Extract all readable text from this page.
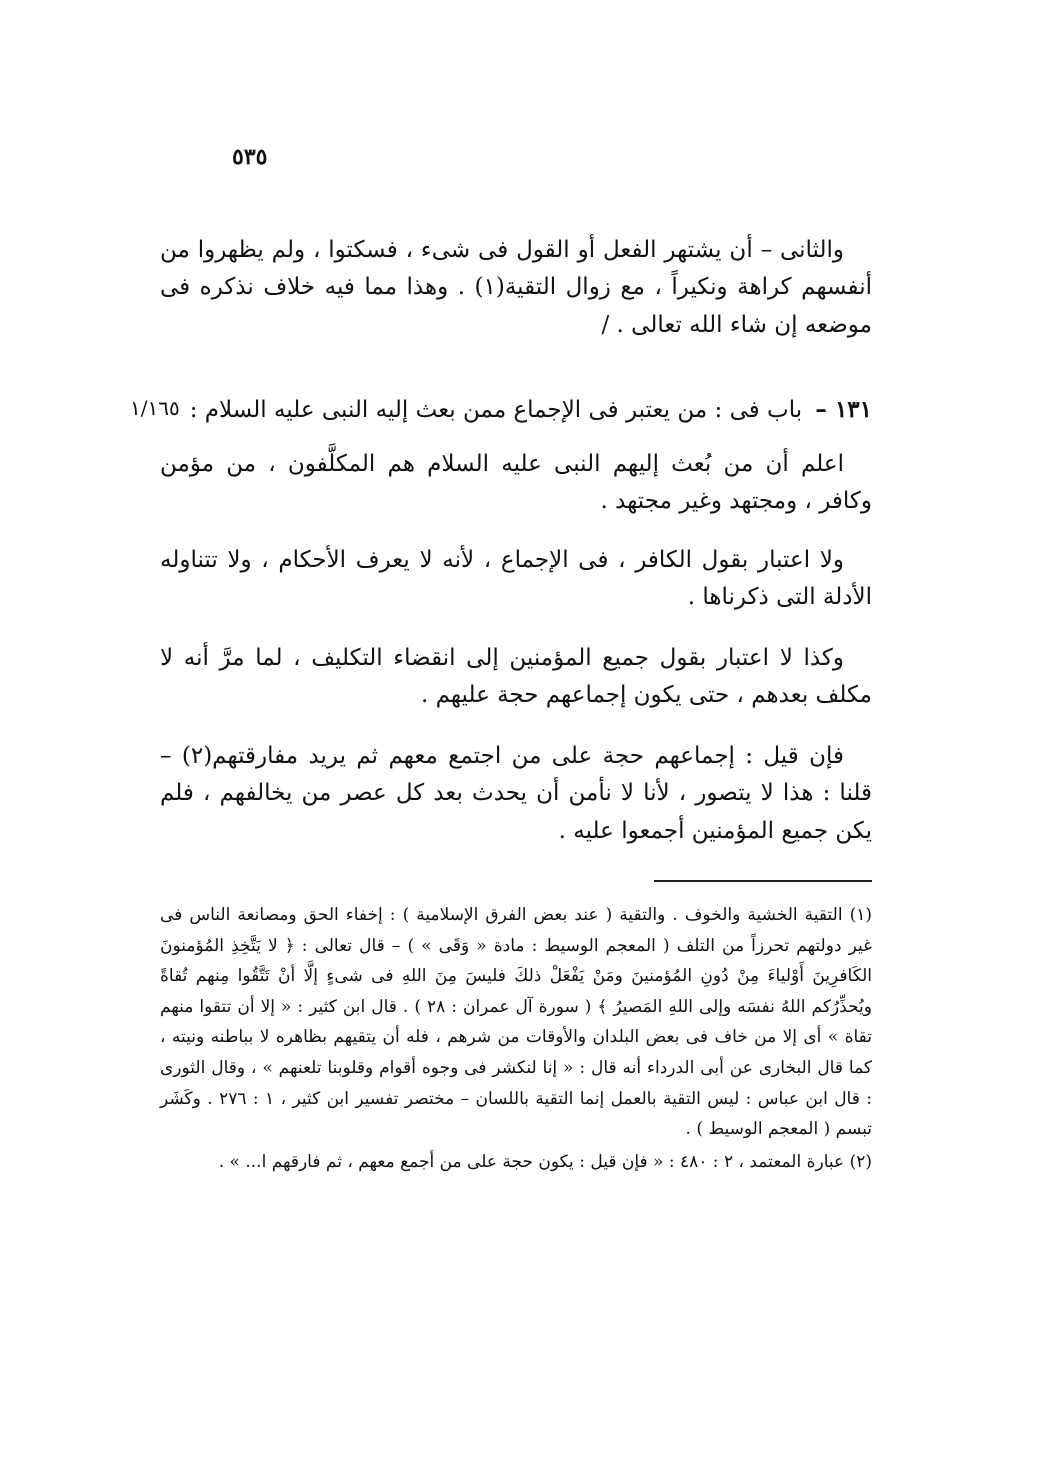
٥٣٥

والثانى – أن يشتهر الفعل أو القول فى شىء ، فسكتوا ، ولم يظهروا من أنفسهم كراهة ونكيراً ، مع زوال التقية(١) . وهذا مما فيه خلاف نذكره فى موضعه إن شاء الله تعالى . /

١/١٦٥	١٣١ – باب فى : من يعتبر فى الإجماع ممن بعث إليه النبى عليه السلام :

اعلم أن من بُعث إليهم النبى عليه السلام هم المكلَّفون ، من مؤمن وكافر ، ومجتهد وغير مجتهد .

ولا اعتبار بقول الكافر ، فى الإجماع ، لأنه لا يعرف الأحكام ، ولا تتناوله الأدلة التى ذكرناها .

وكذا لا اعتبار بقول جميع المؤمنين إلى انقضاء التكليف ، لما مرَّ أنه لا مكلف بعدهم ، حتى يكون إجماعهم حجة عليهم .

فإن قيل : إجماعهم حجة على من اجتمع معهم ثم يريد مفارقتهم(٢) – قلنا : هذا لا يتصور ، لأنا لا نأمن أن يحدث بعد كل عصر من يخالفهم ، فلم يكن جميع المؤمنين أجمعوا عليه .

(١) التقية الخشية والخوف . والتقية ( عند بعض الفرق الإسلامية ) : إخفاء الحق ومصانعة الناس فى غير دولتهم تحرزاً من التلف ( المعجم الوسيط : مادة « وَقَى » ) – قال تعالى : ﴿ لا يَتَّخِذِ المُؤمنونَ الكَافرِينَ أَوْلياءَ مِنْ دُونِ المُؤمنينَ ومَنْ يَفْعَلْ ذلكَ فليسَ مِنَ اللهِ فى شىءٍ إلَّا أنْ تَتَّقُوا مِنهم تُقاةً ويُحذِّرُكم اللهُ نفسَه وإلى اللهِ المَصيرُ ﴾ ( سورة آل عمران : ٢٨ ) . قال ابن كثير : « إلا أن تتقوا منهم تقاة » أى إلا من خاف فى بعض البلدان والأوقات من شرهم ، فله أن يتقيهم بظاهره لا بباطنه ونيته ، كما قال البخارى عن أبى الدرداء أنه قال : « إنا لنكشر فى وجوه أقوام وقلوبنا تلعنهم » ، وقال الثورى : قال ابن عباس : ليس التقية بالعمل إنما التقية باللسان – مختصر تفسير ابن كثير ، ١ : ٢٧٦ . وكَشَر تبسم ( المعجم الوسيط ) .

(٢) عبارة المعتمد ، ٢ : ٤٨٠ : « فإن قيل : يكون حجة على من أجمع معهم ، ثم فارقهم ا... » .
